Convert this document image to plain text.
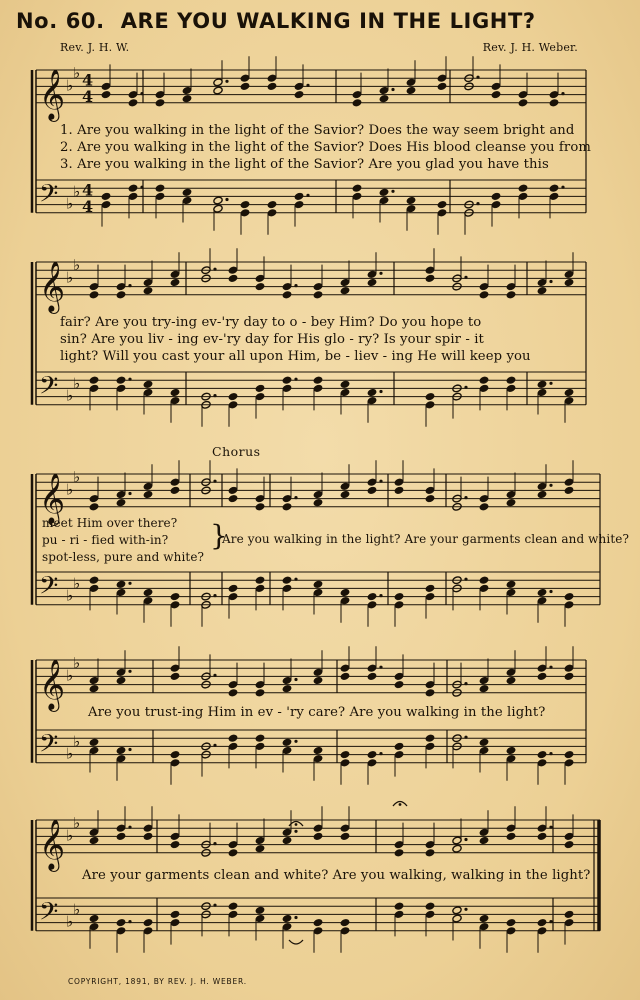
No. 60. ARE YOU WALKING IN THE LIGHT?
Rev. J. H. W.	Rev. J. H. Weber.
𝄞
𝄢
♭
♭
♭
♭
4
4
4
4
𝄞
𝄢
♭
♭
♭
♭
𝄞
𝄢
♭
♭
♭
♭
𝄞
𝄢
♭
♭
♭
♭
𝄞
𝄢
♭
♭
♭
♭
}
1. Are you walking in the light of the Savior? Does the way seem bright and
2. Are you walking in the light of the Savior? Does His blood cleanse you from
3. Are you walking in the light of the Savior? Are you glad you have this
fair? Are you try-ing ev-'ry day to o - bey Him? Do you hope to
sin? Are you liv - ing ev-'ry day for His glo - ry? Is your spir - it
light? Will you cast your all upon Him, be - liev - ing He will keep you
Chorus
meet Him over there?
pu - ri - fied with-in?
spot-less, pure and white?
Are you walking in the light? Are your garments clean and white?
Are you trust-ing Him in ev - 'ry care? Are you walking in the light?
Are your garments clean and white? Are you walking, walking in the light?
COPYRIGHT, 1891, BY REV. J. H. WEBER.
